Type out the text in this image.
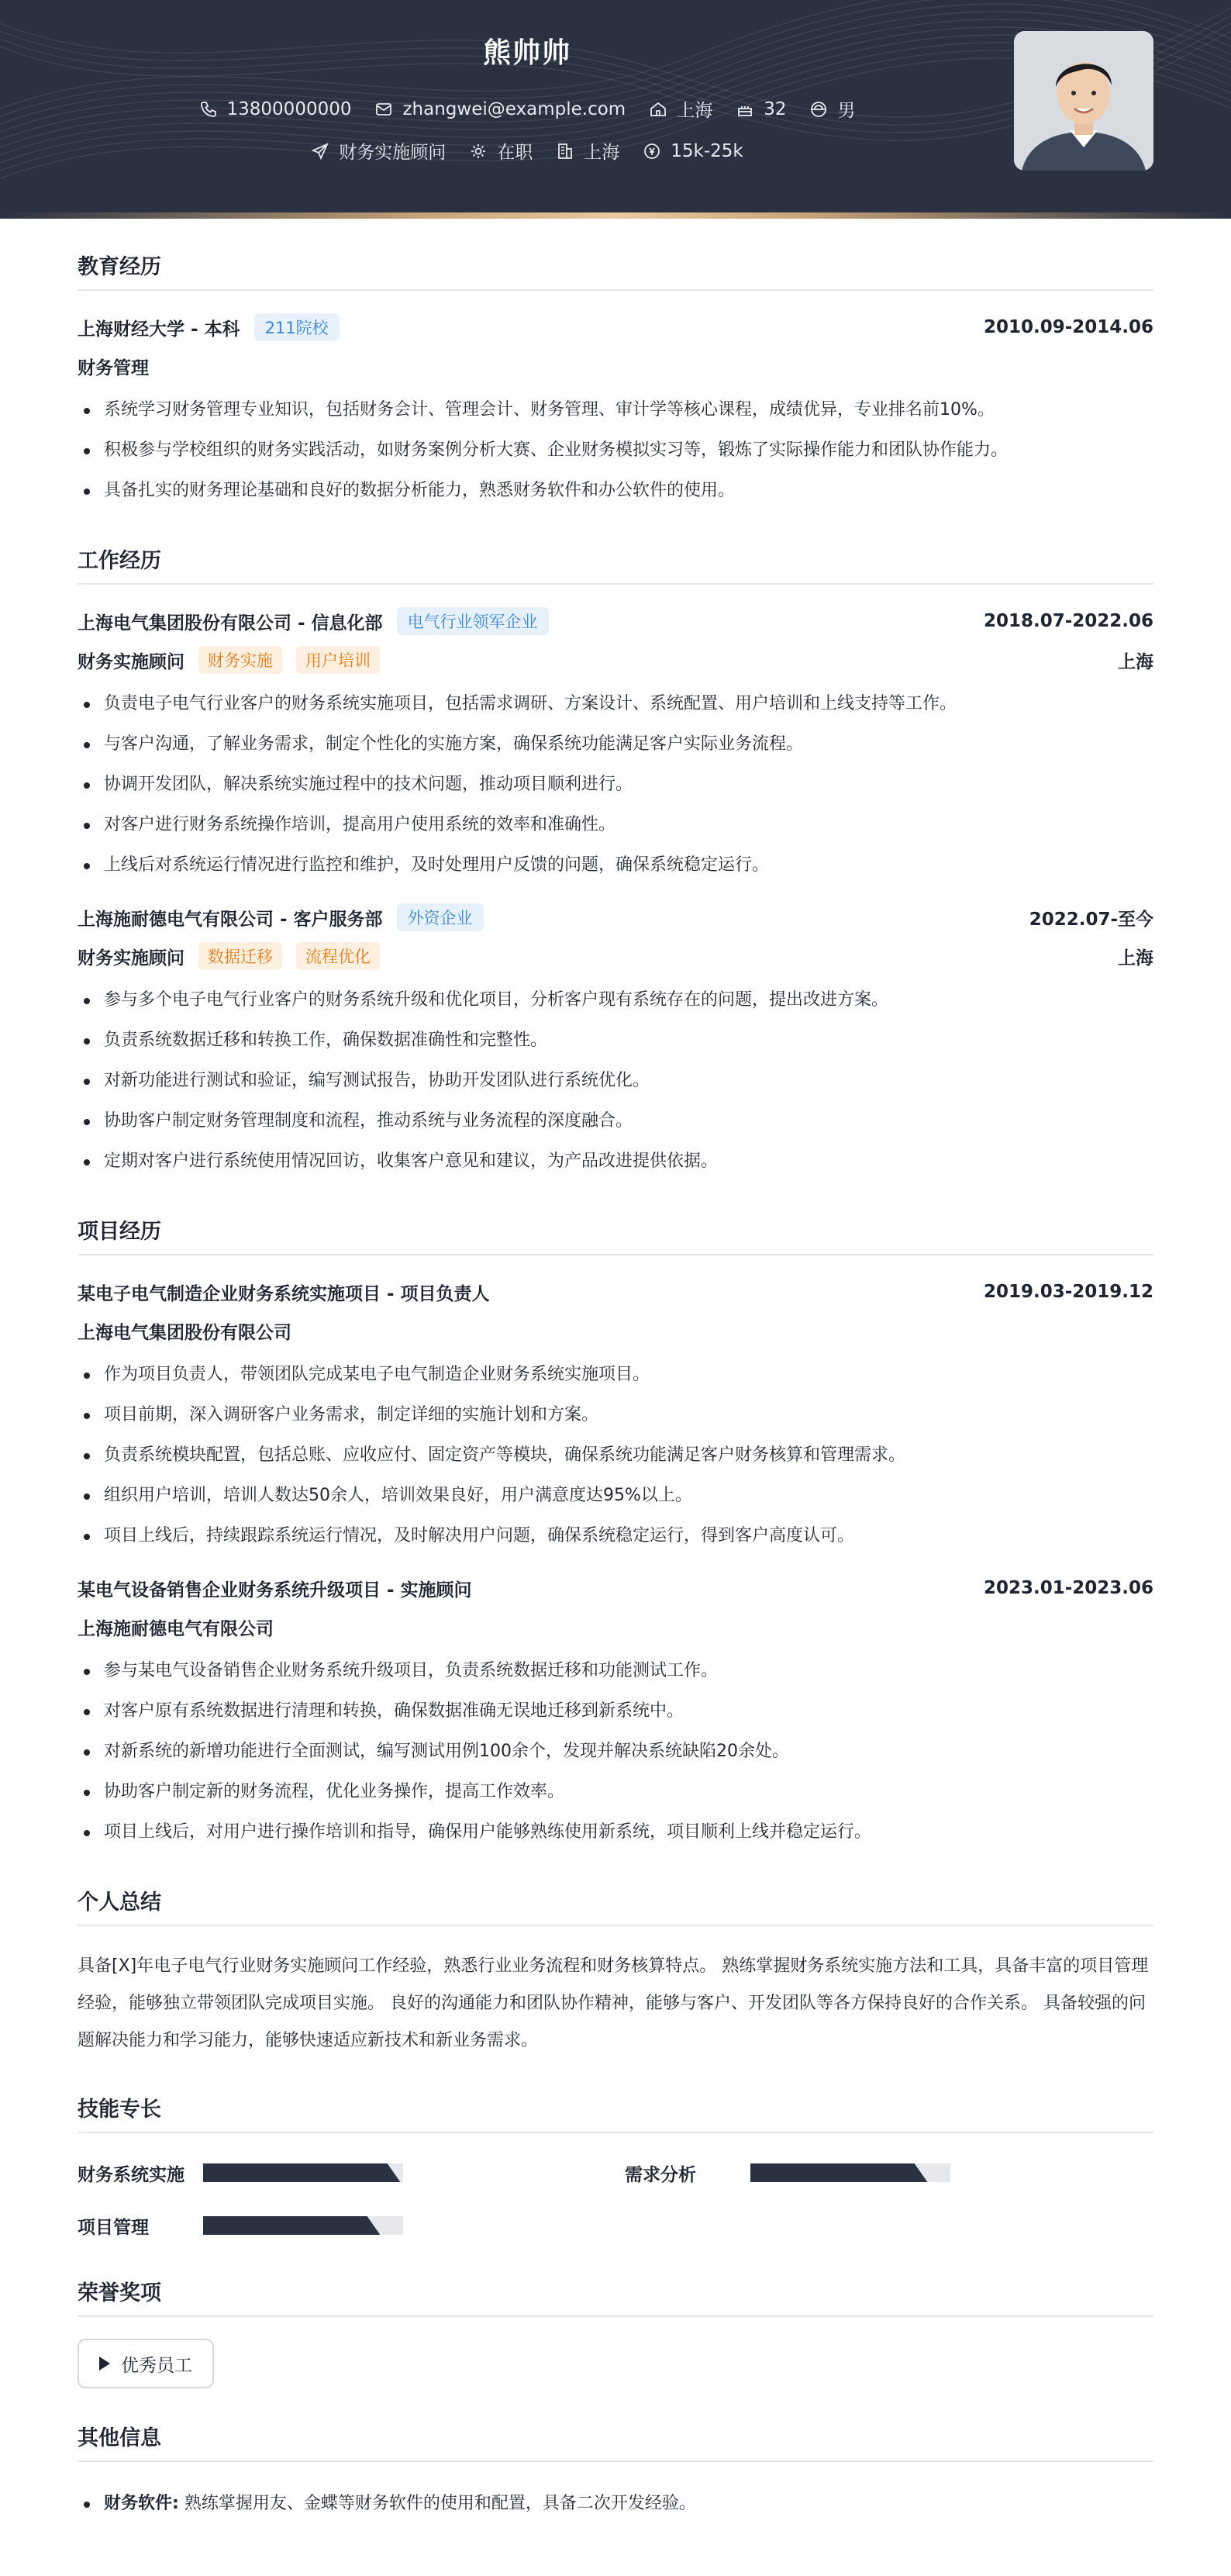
熊帅帅
13800000000	zhangwei@example.com	上海	32	男
财务实施顾问	在职	上海	15k-25k
教育经历
上海财经大学 - 本科	211院校	2010.09-2014.06
财务管理
系统学习财务管理专业知识，包括财务会计、管理会计、财务管理、审计学等核心课程，成绩优异，专业排名前10%。
积极参与学校组织的财务实践活动，如财务案例分析大赛、企业财务模拟实习等，锻炼了实际操作能力和团队协作能力。
具备扎实的财务理论基础和良好的数据分析能力，熟悉财务软件和办公软件的使用。
工作经历
上海电气集团股份有限公司 - 信息化部	电气行业领军企业	2018.07-2022.06
财务实施顾问	财务实施	用户培训	上海
负责电子电气行业客户的财务系统实施项目，包括需求调研、方案设计、系统配置、用户培训和上线支持等工作。
与客户沟通，了解业务需求，制定个性化的实施方案，确保系统功能满足客户实际业务流程。
协调开发团队，解决系统实施过程中的技术问题，推动项目顺利进行。
对客户进行财务系统操作培训，提高用户使用系统的效率和准确性。
上线后对系统运行情况进行监控和维护，及时处理用户反馈的问题，确保系统稳定运行。
上海施耐德电气有限公司 - 客户服务部	外资企业	2022.07-至今
财务实施顾问	数据迁移	流程优化	上海
参与多个电子电气行业客户的财务系统升级和优化项目，分析客户现有系统存在的问题，提出改进方案。
负责系统数据迁移和转换工作，确保数据准确性和完整性。
对新功能进行测试和验证，编写测试报告，协助开发团队进行系统优化。
协助客户制定财务管理制度和流程，推动系统与业务流程的深度融合。
定期对客户进行系统使用情况回访，收集客户意见和建议，为产品改进提供依据。
项目经历
某电子电气制造企业财务系统实施项目 - 项目负责人	2019.03-2019.12
上海电气集团股份有限公司
作为项目负责人，带领团队完成某电子电气制造企业财务系统实施项目。
项目前期，深入调研客户业务需求，制定详细的实施计划和方案。
负责系统模块配置，包括总账、应收应付、固定资产等模块，确保系统功能满足客户财务核算和管理需求。
组织用户培训，培训人数达50余人，培训效果良好，用户满意度达95%以上。
项目上线后，持续跟踪系统运行情况，及时解决用户问题，确保系统稳定运行，得到客户高度认可。
某电气设备销售企业财务系统升级项目 - 实施顾问	2023.01-2023.06
上海施耐德电气有限公司
参与某电气设备销售企业财务系统升级项目，负责系统数据迁移和功能测试工作。
对客户原有系统数据进行清理和转换，确保数据准确无误地迁移到新系统中。
对新系统的新增功能进行全面测试，编写测试用例100余个，发现并解决系统缺陷20余处。
协助客户制定新的财务流程，优化业务操作，提高工作效率。
项目上线后，对用户进行操作培训和指导，确保用户能够熟练使用新系统，项目顺利上线并稳定运行。
个人总结

具备[X]年电子电气行业财务实施顾问工作经验，熟悉行业业务流程和财务核算特点。 熟练掌握财务系统实施方法和工具，具备丰富的项目管理经验，能够独立带领团队完成项目实施。 良好的沟通能力和团队协作精神，能够与客户、开发团队等各方保持良好的合作关系。 具备较强的问题解决能力和学习能力，能够快速适应新技术和新业务需求。

技能专长
财务系统实施	需求分析
项目管理
荣誉奖项
优秀员工
其他信息
财务软件: 熟练掌握用友、金蝶等财务软件的使用和配置，具备二次开发经验。
